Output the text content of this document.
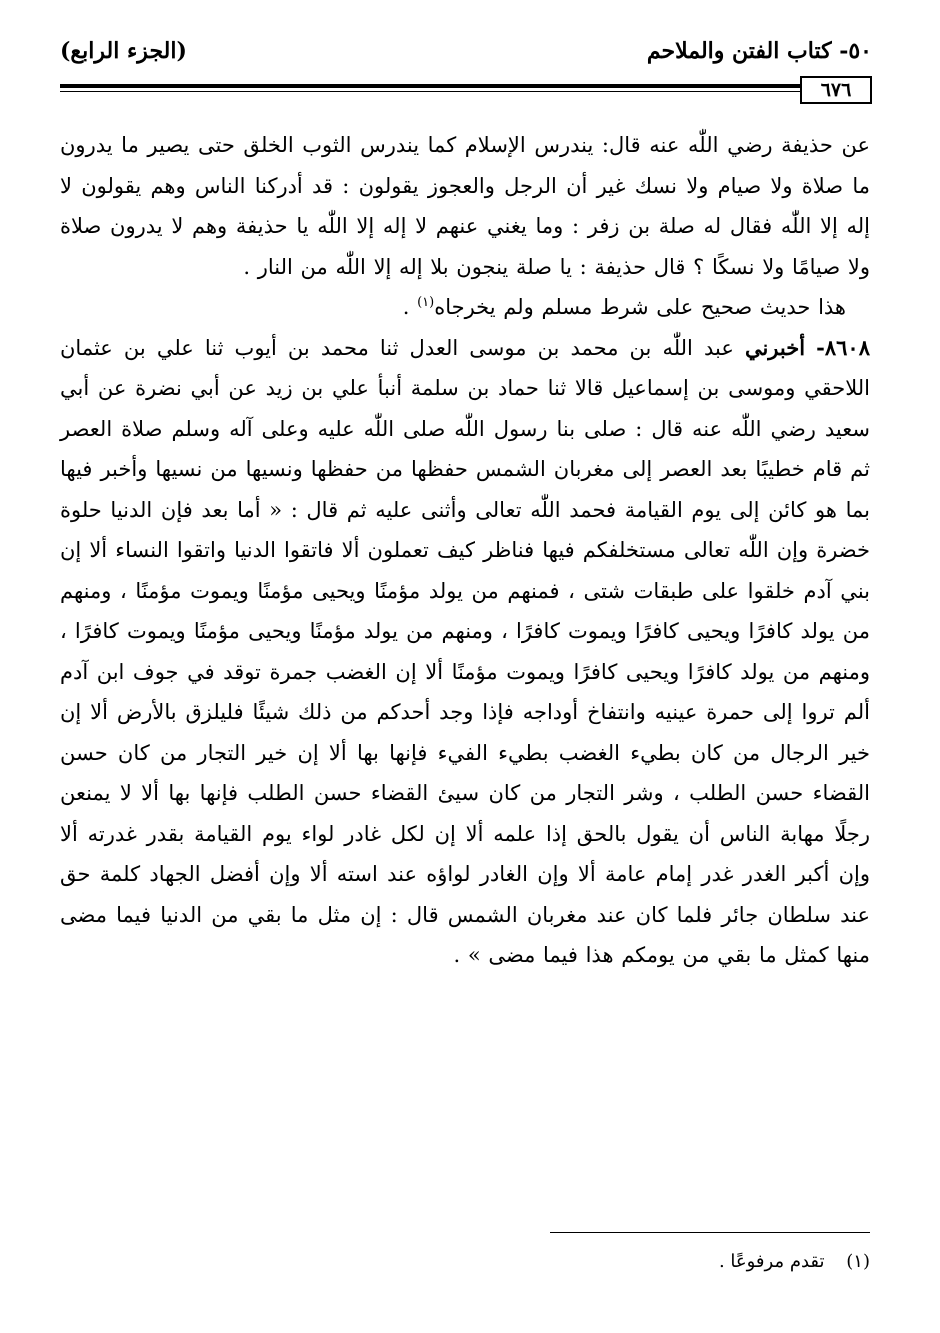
٥٠- كتاب الفتن والملاحم
(الجزء الرابع)
٦٧٦

عن حذيفة رضي اللّٰه عنه قال: يندرس الإسلام كما يندرس الثوب الخلق حتى يصير ما يدرون ما صلاة ولا صيام ولا نسك غير أن الرجل والعجوز يقولون : قد أدركنا الناس وهم يقولون لا إله إلا اللّٰه فقال له صلة بن زفر : وما يغني عنهم لا إله إلا اللّٰه يا حذيفة وهم لا يدرون صلاة ولا صيامًا ولا نسكًا ؟ قال حذيفة : يا صلة ينجون بلا إله إلا اللّٰه من النار .

هذا حديث صحيح على شرط مسلم ولم يخرجاه$^{(١)}$ .

٨٦٠٨- أخبرني عبد اللّٰه بن محمد بن موسى العدل ثنا محمد بن أيوب ثنا علي بن عثمان اللاحقي وموسى بن إسماعيل قالا ثنا حماد بن سلمة أنبأ علي بن زيد عن أبي نضرة عن أبي سعيد رضي اللّٰه عنه قال : صلى بنا رسول اللّٰه صلى اللّٰه عليه وعلى آله وسلم صلاة العصر ثم قام خطيبًا بعد العصر إلى مغربان الشمس حفظها من حفظها ونسيها من نسيها وأخبر فيها بما هو كائن إلى يوم القيامة فحمد اللّٰه تعالى وأثنى عليه ثم قال : « أما بعد فإن الدنيا حلوة خضرة وإن اللّٰه تعالى مستخلفكم فيها فناظر كيف تعملون ألا فاتقوا الدنيا واتقوا النساء ألا إن بني آدم خلقوا على طبقات شتى ، فمنهم من يولد مؤمنًا ويحيى مؤمنًا ويموت مؤمنًا ، ومنهم من يولد كافرًا ويحيى كافرًا ويموت كافرًا ، ومنهم من يولد مؤمنًا ويحيى مؤمنًا ويموت كافرًا ، ومنهم من يولد كافرًا ويحيى كافرًا ويموت مؤمنًا ألا إن الغضب جمرة توقد في جوف ابن آدم ألم تروا إلى حمرة عينيه وانتفاخ أوداجه فإذا وجد أحدكم من ذلك شيئًا فليلزق بالأرض ألا إن خير الرجال من كان بطيء الغضب بطيء الفيء فإنها بها ألا إن خير التجار من كان حسن القضاء حسن الطلب ، وشر التجار من كان سيئ القضاء حسن الطلب فإنها بها ألا لا يمنعن رجلًا مهابة الناس أن يقول بالحق إذا علمه ألا إن لكل غادر لواء يوم القيامة بقدر غدرته ألا وإن أكبر الغدر غدر إمام عامة ألا وإن الغادر لواؤه عند استه ألا وإن أفضل الجهاد كلمة حق عند سلطان جائر فلما كان عند مغربان الشمس قال : إن مثل ما بقي من الدنيا فيما مضى منها كمثل ما بقي من يومكم هذا فيما مضى » .

(١) تقدم مرفوعًا .
